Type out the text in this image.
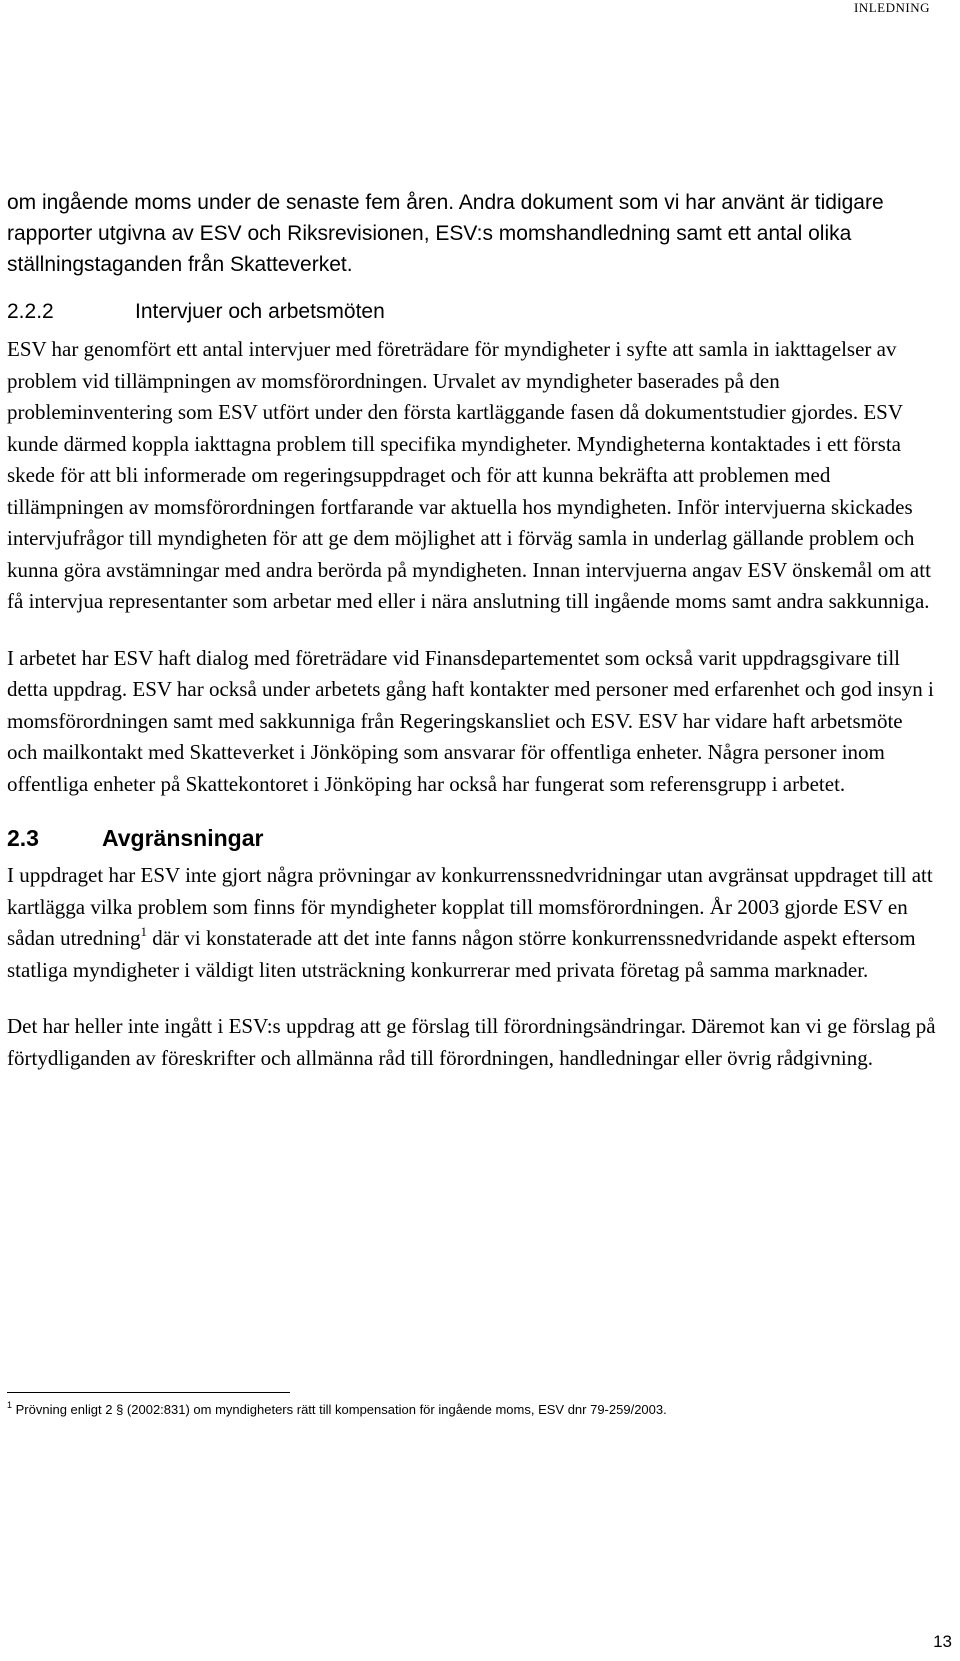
INLEDNING

om ingående moms under de senaste fem åren. Andra dokument som vi har använt är tidigare rapporter utgivna av ESV och Riksrevisionen, ESV:s momshandledning samt ett antal olika ställningstaganden från Skatteverket.

2.2.2	Intervjuer och arbetsmöten

ESV har genomfört ett antal intervjuer med företrädare för myndigheter i syfte att samla in iakttagelser av problem vid tillämpningen av momsförordningen. Urvalet av myndigheter baserades på den probleminventering som ESV utfört under den första kartläggande fasen då dokumentstudier gjordes. ESV kunde därmed koppla iakttagna problem till specifika myndigheter. Myndigheterna kontaktades i ett första skede för att bli informerade om regeringsuppdraget och för att kunna bekräfta att problemen med tillämpningen av momsförordningen fortfarande var aktuella hos myndigheten. Inför intervjuerna skickades intervjufrågor till myndigheten för att ge dem möjlighet att i förväg samla in underlag gällande problem och kunna göra avstämningar med andra berörda på myndigheten. Innan intervjuerna angav ESV önskemål om att få intervjua representanter som arbetar med eller i nära anslutning till ingående moms samt andra sakkunniga.

I arbetet har ESV haft dialog med företrädare vid Finansdepartementet som också varit uppdragsgivare till detta uppdrag. ESV har också under arbetets gång haft kontakter med personer med erfarenhet och god insyn i momsförordningen samt med sakkunniga från Regeringskansliet och ESV. ESV har vidare haft arbetsmöte och mailkontakt med Skatteverket i Jönköping som ansvarar för offentliga enheter. Några personer inom offentliga enheter på Skattekontoret i Jönköping har också har fungerat som referensgrupp i arbetet.

2.3	Avgränsningar

I uppdraget har ESV inte gjort några prövningar av konkurrenssnedvridningar utan avgränsat uppdraget till att kartlägga vilka problem som finns för myndigheter kopplat till momsförordningen. År 2003 gjorde ESV en sådan utredning$^1$ där vi konstaterade att det inte fanns någon större konkurrenssnedvridande aspekt eftersom statliga myndigheter i väldigt liten utsträckning konkurrerar med privata företag på samma marknader.

Det har heller inte ingått i ESV:s uppdrag att ge förslag till förordningsändringar. Däremot kan vi ge förslag på förtydliganden av föreskrifter och allmänna råd till förordningen, handledningar eller övrig rådgivning.

$^1$ Prövning enligt 2 § (2002:831) om myndigheters rätt till kompensation för ingående moms, ESV dnr 79-259/2003.
13
